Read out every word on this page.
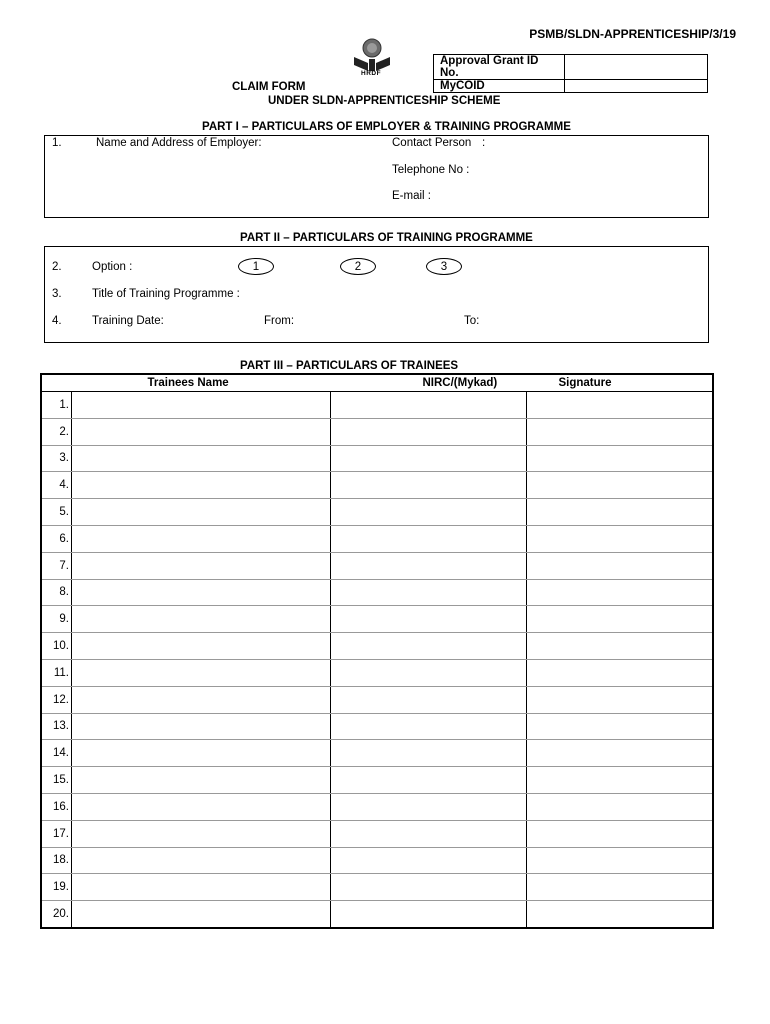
PSMB/SLDN-APPRENTICESHIP/3/19
HRDF
Approval Grant ID No.	
MyCOID	
CLAIM FORM
UNDER SLDN-APPRENTICESHIP SCHEME
PART I – PARTICULARS OF EMPLOYER & TRAINING PROGRAMME
1.	Name and Address of Employer:	Contact Person :
Telephone No :
E-mail :
PART II – PARTICULARS OF TRAINING PROGRAMME
2.	Option :	1	2	3
3.	Title of Training Programme :
4.	Training Date:	From:	To:
PART III – PARTICULARS OF TRAINEES
	Trainees Name	NIRC/(Mykad)	Signature
1.			
2.			
3.			
4.			
5.			
6.			
7.			
8.			
9.			
10.			
11.			
12.			
13.			
14.			
15.			
16.			
17.			
18.			
19.			
20.			
